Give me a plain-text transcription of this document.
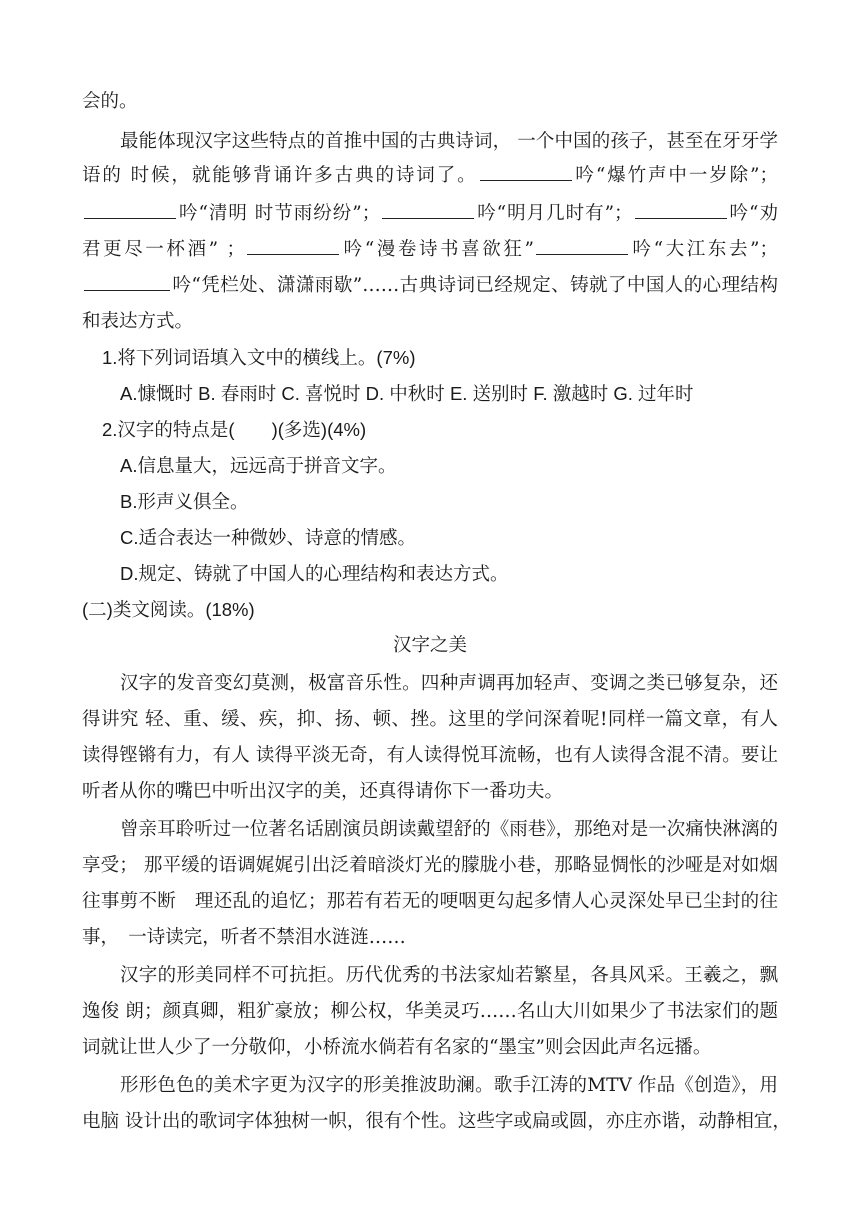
会的。
最能体现汉字这些特点的首推中国的古典诗词， 一个中国的孩子，甚至在牙牙学
语的 时候，就能够背诵许多古典的诗词了。	吟“爆竹声中一岁除”；
吟“清明 时节雨纷纷”；	吟“明月几时有”；	吟“劝
君更尽一杯酒” ；	吟“漫卷诗书喜欲狂”	吟“大江东去”；
吟“凭栏处、潇潇雨歇”……古典诗词已经规定、铸就了中国人的心理结构
和表达方式。
1.将下列词语填入文中的横线上。(7%)
A.慷慨时 B. 春雨时 C. 喜悦时 D. 中秋时 E. 送别时 F. 激越时 G. 过年时
2.汉字的特点是(　　)(多选)(4%)
A.信息量大，远远高于拼音文字。
B.形声义俱全。
C.适合表达一种微妙、诗意的情感。
D.规定、铸就了中国人的心理结构和表达方式。
(二)类文阅读。(18%)
汉字之美
汉字的发音变幻莫测，极富音乐性。四种声调再加轻声、变调之类已够复杂，还
得讲究 轻、重、缓、疾，抑、扬、顿、挫。这里的学问深着呢!同样一篇文章，有人
读得铿锵有力，有人 读得平淡无奇，有人读得悦耳流畅，也有人读得含混不清。要让
听者从你的嘴巴中听出汉字的美，还真得请你下一番功夫。
曾亲耳聆听过一位著名话剧演员朗读戴望舒的《雨巷》，那绝对是一次痛快淋漓的
享受； 那平缓的语调娓娓引出泛着暗淡灯光的朦胧小巷，那略显惆怅的沙哑是对如烟
往事剪不断　理还乱的追忆；那若有若无的哽咽更勾起多情人心灵深处早已尘封的往
事，　一诗读完，听者不禁泪水涟涟……
汉字的形美同样不可抗拒。历代优秀的书法家灿若繁星，各具风采。王羲之，飘
逸俊 朗；颜真卿，粗犷豪放；柳公权，华美灵巧……名山大川如果少了书法家们的题
词就让世人少了一分敬仰，小桥流水倘若有名家的“墨宝”则会因此声名远播。
形形色色的美术字更为汉字的形美推波助澜。歌手江涛的MTV 作品《创造》，用
电脑 设计出的歌词字体独树一帜，很有个性。这些字或扁或圆，亦庄亦谐，动静相宜，
